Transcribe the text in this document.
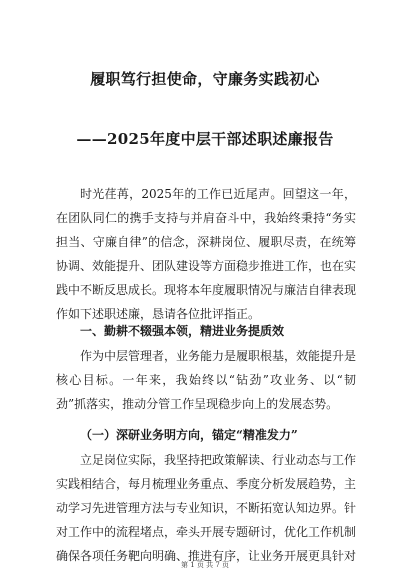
履职笃行担使命，守廉务实践初心
——2025年度中层干部述职述廉报告

时光荏苒，2025年的工作已近尾声。回望这一年，在团队同仁的携手支持与并肩奋斗中，我始终秉持“务实担当、守廉自律”的信念，深耕岗位、履职尽责，在统筹协调、效能提升、团队建设等方面稳步推进工作，也在实践中不断反思成长。现将本年度履职情况与廉洁自律表现作如下述职述廉，恳请各位批评指正。

一、勤耕不辍强本领，精进业务提质效

作为中层管理者，业务能力是履职根基，效能提升是核心目标。一年来，我始终以“钻劲”攻业务、以“韧劲”抓落实，推动分管工作呈现稳步向上的发展态势。

（一）深研业务明方向，锚定“精准发力”

立足岗位实际，我坚持把政策解读、行业动态与工作实践相结合，每月梳理业务重点、季度分析发展趋势，主动学习先进管理方法与专业知识，不断拓宽认知边界。针对工作中的流程堵点，牵头开展专题研讨，优化工作机制确保各项任务靶向明确、推进有序，让业务开展更具针对

第 1 页 共 7 页
